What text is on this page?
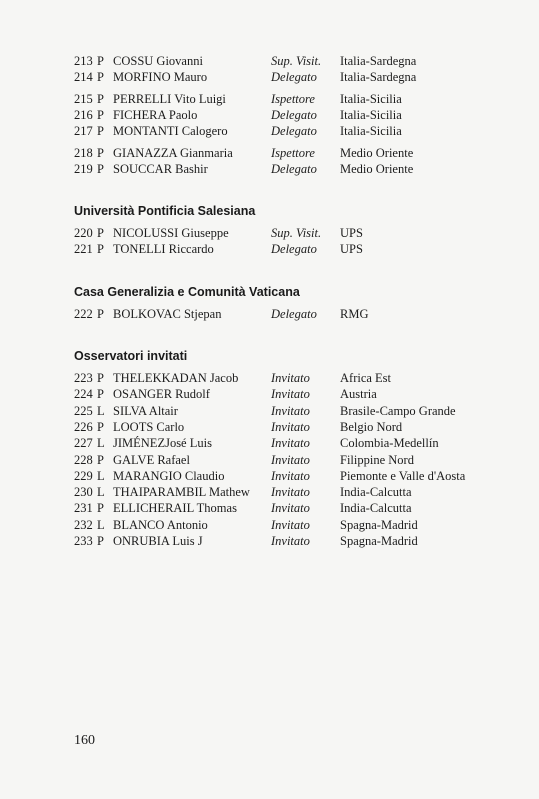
213 P COSSU Giovanni	Sup. Visit. Italia-Sardegna
214 P MORFINO Mauro	Delegato Italia-Sardegna
215 P PERRELLI Vito Luigi	Ispettore Italia-Sicilia
216 P FICHERA Paolo	Delegato Italia-Sicilia
217 P MONTANTI Calogero	Delegato Italia-Sicilia
218 P GIANAZZA Gianmaria	Ispettore Medio Oriente
219 P SOUCCAR Bashir	Delegato Medio Oriente
Università Pontificia Salesiana
220 P NICOLUSSI Giuseppe	Sup. Visit. UPS
221 P TONELLI Riccardo	Delegato UPS
Casa Generalizia e Comunità Vaticana
222 P BOLKOVAC Stjepan	Delegato RMG
Osservatori invitati
223 P THELEKKADAN Jacob	Invitato Africa Est
224 P OSANGER Rudolf	Invitato Austria
225 L SILVA Altair	Invitato Brasile-Campo Grande
226 P LOOTS Carlo	Invitato Belgio Nord
227 L JIMÉNEZJosé Luis	Invitato Colombia-Medellín
228 P GALVE Rafael	Invitato Filippine Nord
229 L MARANGIO Claudio	Invitato Piemonte e Valle d'Aosta
230 L THAIPARAMBIL Mathew Invitato India-Calcutta
231 P ELLICHERAIL Thomas	Invitato India-Calcutta
232 L BLANCO Antonio	Invitato Spagna-Madrid
233 P ONRUBIA Luis J	Invitato Spagna-Madrid
160
